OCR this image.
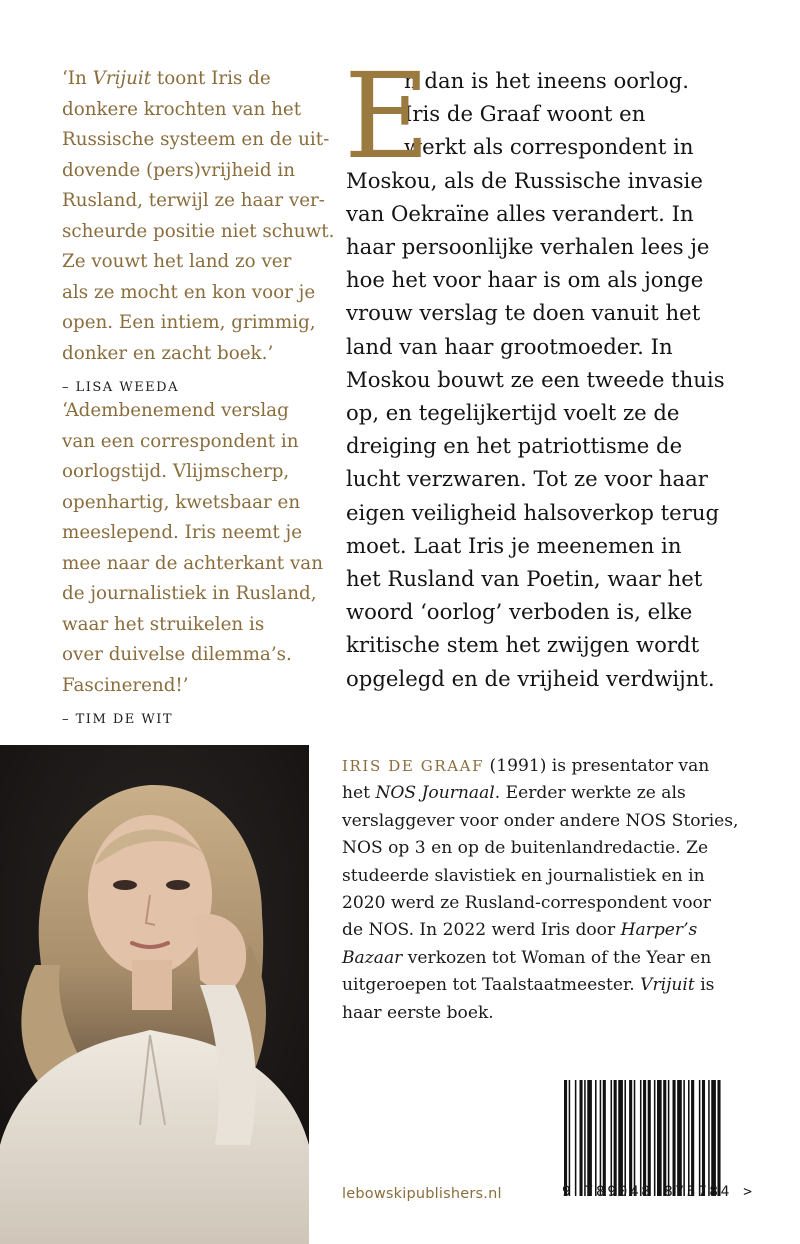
‘In Vrijuit toont Iris de
donkere krochten van het
Russische systeem en de uit-
dovende (pers)vrijheid in
Rusland, terwijl ze haar ver-
scheurde positie niet schuwt.
Ze vouwt het land zo ver
als ze mocht en kon voor je
open. Een intiem, grimmig,
donker en zacht boek.’
– LISA WEEDA
‘Adembenemend verslag
van een correspondent in
oorlogstijd. Vlijmscherp,
openhartig, kwetsbaar en
meeslepend. Iris neemt je
mee naar de achterkant van
de journalistiek in Rusland,
waar het struikelen is
over duivelse dilemma’s.
Fascinerend!’
– TIM DE WIT
E
n dan is het ineens oorlog.
Iris de Graaf woont en
werkt als correspondent in
Moskou, als de Russische invasie
van Oekraïne alles verandert. In
haar persoonlijke verhalen lees je
hoe het voor haar is om als jonge
vrouw verslag te doen vanuit het
land van haar grootmoeder. In
Moskou bouwt ze een tweede thuis
op, en tegelijkertijd voelt ze de
dreiging en het patriottisme de
lucht verzwaren. Tot ze voor haar
eigen veiligheid halsoverkop terug
moet. Laat Iris je meenemen in
het Rusland van Poetin, waar het
woord ‘oorlog’ verboden is, elke
kritische stem het zwijgen wordt
opgelegd en de vrijheid verdwijnt.
IRIS DE GRAAF (1991) is presentator van
het NOS Journaal. Eerder werkte ze als
verslaggever voor onder andere NOS Stories,
NOS op 3 en op de buitenlandredactie. Ze
studeerde slavistiek en journalistiek en in
2020 werd ze Rusland-correspondent voor
de NOS. In 2022 werd Iris door Harper’s
Bazaar verkozen tot Woman of the Year en
uitgeroepen tot Taalstaatmeester. Vrijuit is
haar eerste boek.
lebowskipublishers.nl	9 789048 873784 >
